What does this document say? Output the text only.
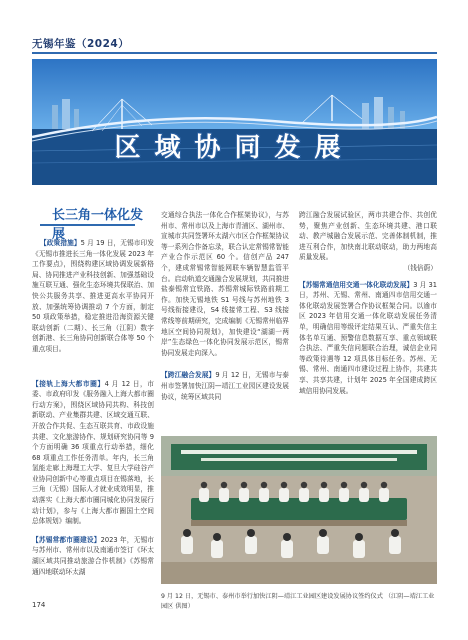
无锡年鉴（2024）
区域协同发展
长三角一体化发展

【政策措施】5 月 19 日，无锡市印发《无锡市推进长三角一体化发展 2023 年工作要点》，围绕构建区域协调发展新格局、协同推进产业科技创新、加强基础设施互联互通、强化生态环境共保联治、加快公共服务共享、推进更高水平协同开放、加强统筹协调推动 7 个方面，制定 50 项政策举措，稳定推进沿海资源关键联动创新（二期）、长三角（江阴）数字创新港、长三角协同创新联合体等 50 个重点项目。

【接轨上海大都市圈】4 月 12 日，市委、市政府印发《服务融入上海大都市圈行动方案》，围绕区域协同共构、科技创新联动、产业集群共建、区域交通互联、开放合作共促、生态互联共育、市政设施共建、文化旅游协作、规划研究协同等 9 个方面明确 36 项重点行动举措，细化 68 项重点工作任务清单。年内，长三角氢能走廊上海理工大学、复旦大学硅谷产业协同创新中心等重点项目在锡落地，长三角（无锡）国际人才就业成效明显，推动落实《上海大都市圈同城化协同发展行动计划》，参与《上海大都市圈国土空间总体规划》编制。

【苏锡常都市圈建设】2023 年，无锡市与苏州市、常州市以及南通市签订《环太湖区域共同推动旅游合作机制》《苏锡常通四地联动环太湖

交通综合执法一体化合作框架协议》，与苏州市、常州市以及上海市青浦区、湖州市、宣城市共同签署环太湖六市区合作框架协议等一系列合作备忘录，联合认定常锡常智能产业合作示范区 60 个。信创产品 247 个，建成常锡常智能网联车辆智慧监管平台。启动轨道交通融合发展规划，共同推进盐泰锡常宜铁路、苏锡常城际铁路前期工作。加快无锡地铁 S1 号线与苏州地铁 3 号线衔接建设，S4 线接常工程、S3 线接常线等前期研究，完成编制《无锡常州临界地区空间协同规划》，加快建设“湖湖一两岸”生态绿色一体化协同发展示范区，锡常协同发展走向深入。

【跨江融合发展】9 月 12 日，无锡市与泰州市签署加快江阴—靖江工业园区建设发展协议，统筹区域共同

跨江融合发展试验区，两市共建合作、共创优势，聚焦产业创新、生态环境共建、港口联动、教产城融合发展示范、完善体制机制，推进互利合作，加快南北联动联动，助力两地高质量发展。

（钱倍蔚）

【苏锡常通信用交通一体化联动发展】3 月 31 日，苏州、无锡、常州、南通四市信用交通一体化联动发展签署合作协议框架合同。以逾市区 2023 年信用交通一体化联动发展任务清单，明确信用等级评定结果互认、严重失信主体名单互通、预警信息数据互享、重点领域联合执法、严重失信问题联合治理，诚信企业同等政策待遇等 12 项具体目标任务。苏州、无锡、常州、南通四市建设过程上协作，共建共享、共享共建，计划年 2025 年全国建成跨区域信用协同发展。

9 月 12 日，无锡市、泰州市举行加快江阴—靖江工业园区建设发展协议签约仪式 （江阴—靖江工业园区 供图）
174
